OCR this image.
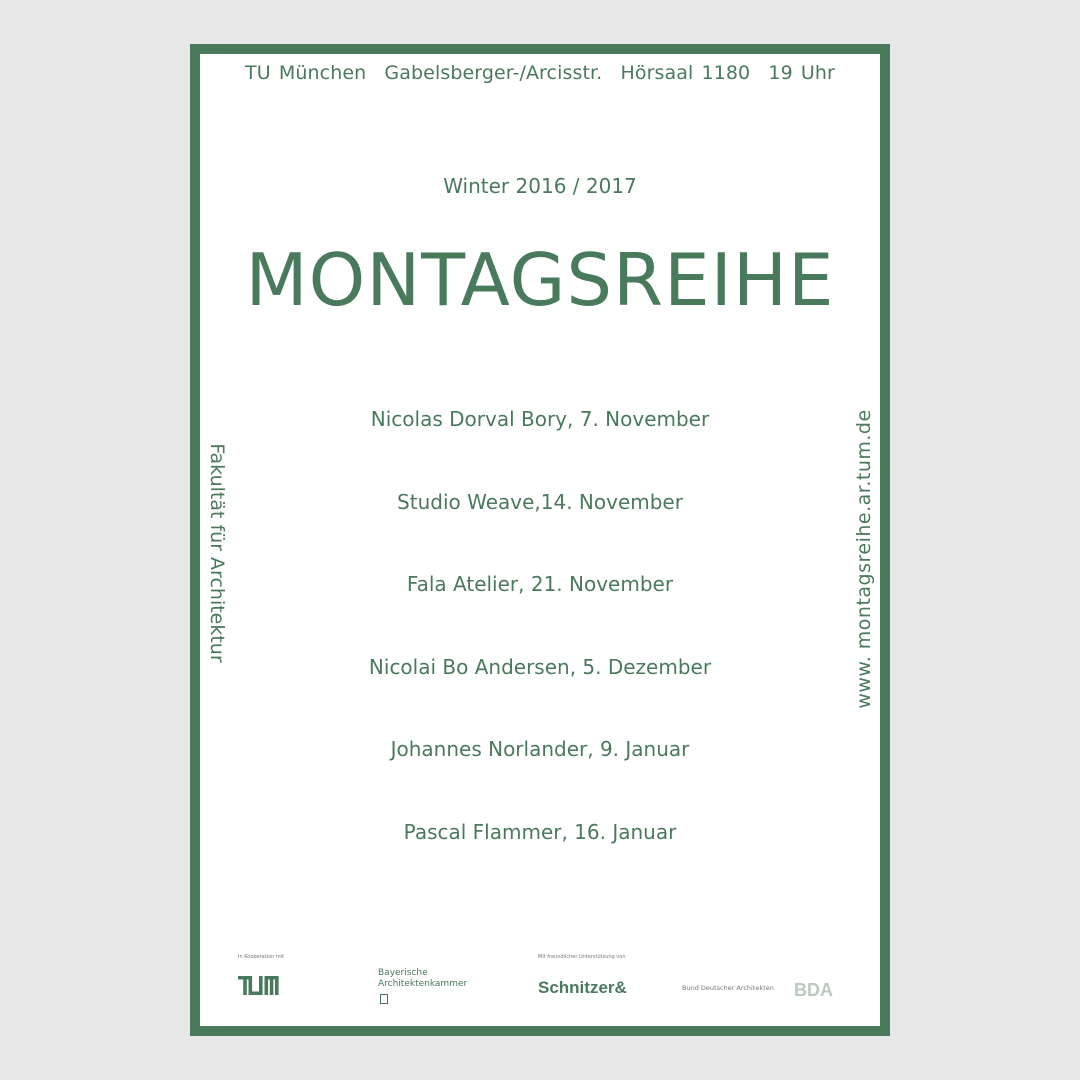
TU München Gabelsberger-/Arcisstr. Hörsaal 1180 19 Uhr
Winter 2016 / 2017
MONTAGSREIHE
Nicolas Dorval Bory, 7. November
Studio Weave,14. November
Fala Atelier, 21. November
Nicolai Bo Andersen, 5. Dezember
Johannes Norlander, 9. Januar
Pascal Flammer, 16. Januar
Fakultät für Architektur	www. montagsreihe.ar.tum.de
In Kooperation mit
Bayerische
Architektenkammer
Mit freundlicher Unterstützung von
Schnitzer&	Bund Deutscher Architekten BDA
